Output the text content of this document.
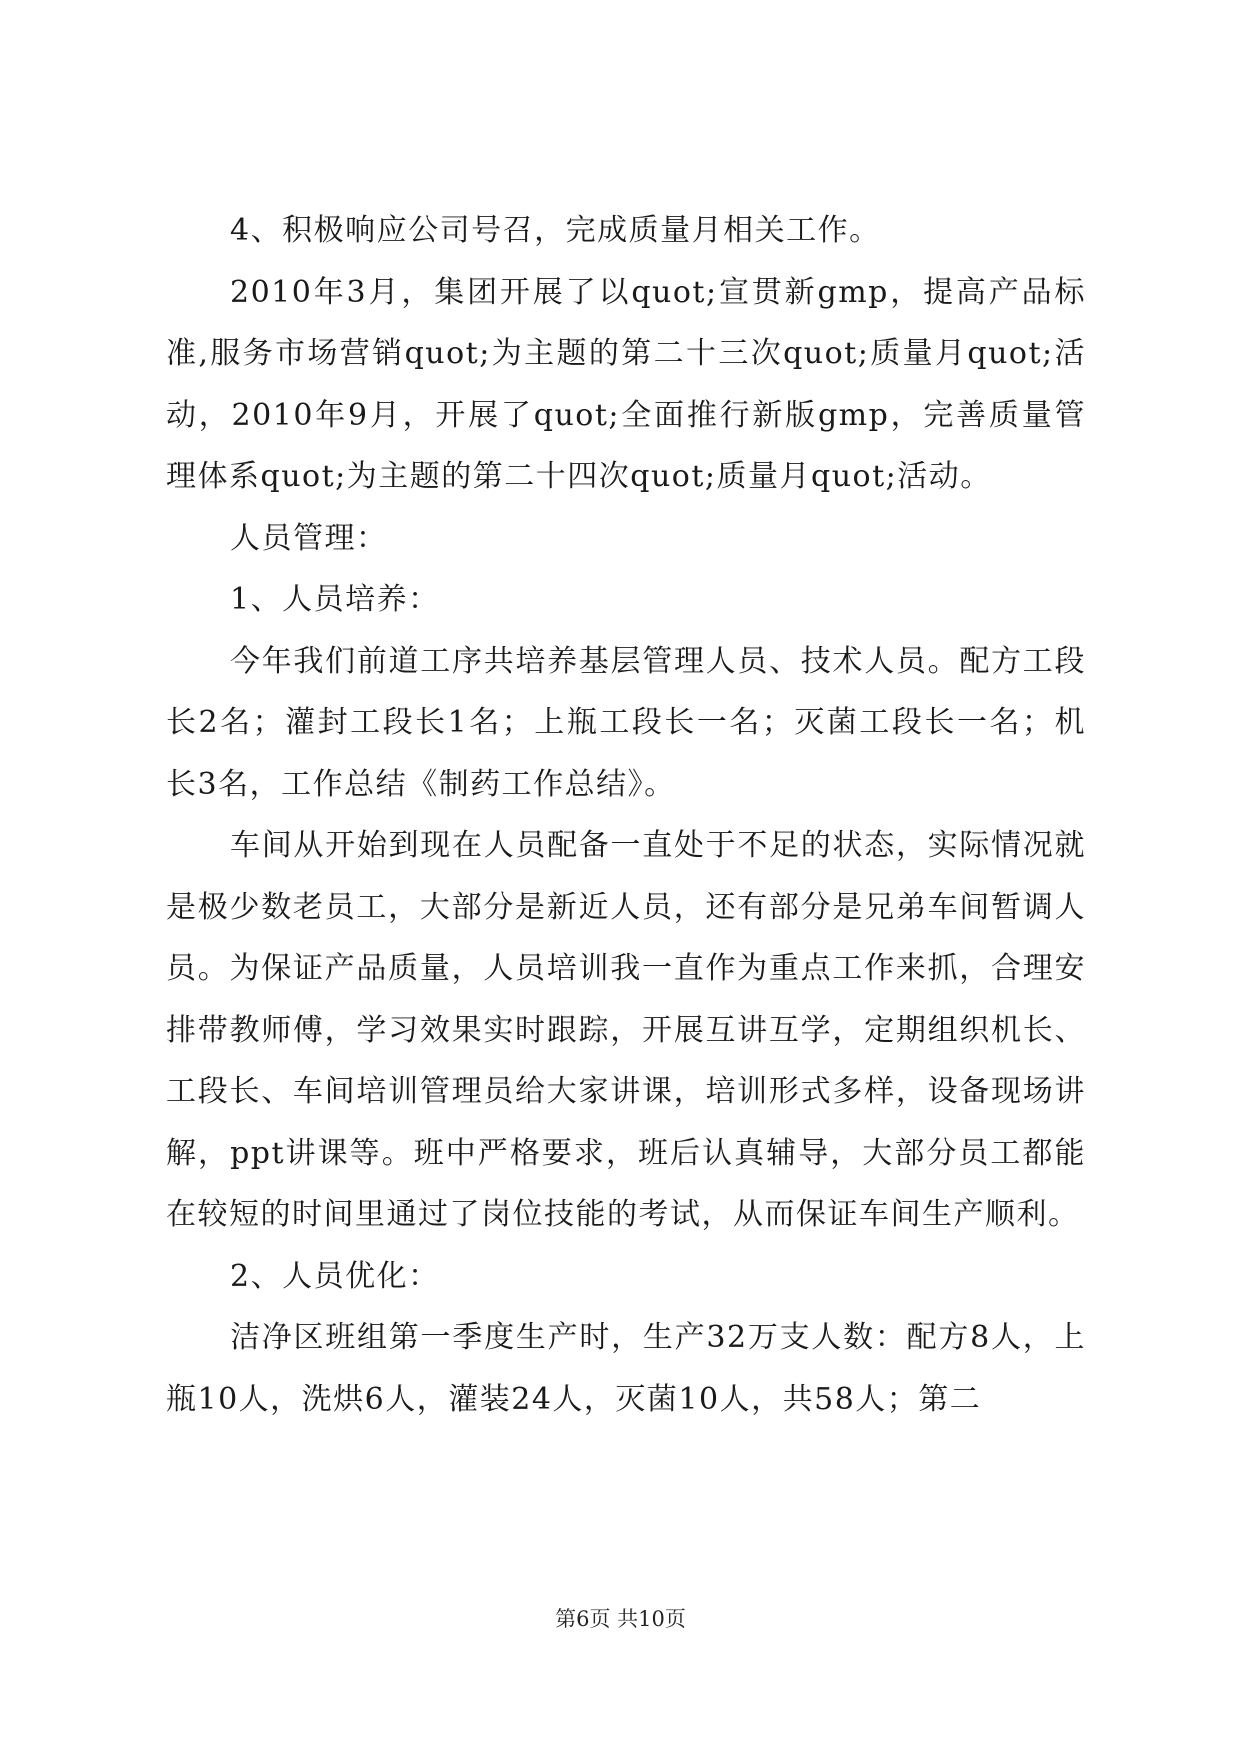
4、积极响应公司号召，完成质量月相关工作。

2010年3月，集团开展了以quot;宣贯新gmp，提高产品标准,服务市场营销quot;为主题的第二十三次quot;质量月quot;活动，2010年9月，开展了quot;全面推行新版gmp，完善质量管理体系quot;为主题的第二十四次quot;质量月quot;活动。

人员管理：

1、人员培养：

今年我们前道工序共培养基层管理人员、技术人员。配方工段长2名；灌封工段长1名；上瓶工段长一名；灭菌工段长一名；机长3名，工作总结《制药工作总结》。

车间从开始到现在人员配备一直处于不足的状态，实际情况就是极少数老员工，大部分是新近人员，还有部分是兄弟车间暂调人员。为保证产品质量，人员培训我一直作为重点工作来抓，合理安排带教师傅，学习效果实时跟踪，开展互讲互学，定期组织机长、工段长、车间培训管理员给大家讲课，培训形式多样，设备现场讲解，ppt讲课等。班中严格要求，班后认真辅导，大部分员工都能在较短的时间里通过了岗位技能的考试，从而保证车间生产顺利。

2、人员优化：

洁净区班组第一季度生产时，生产32万支人数：配方8人，上瓶10人，洗烘6人，灌装24人，灭菌10人，共58人；第二

第6页 共10页
